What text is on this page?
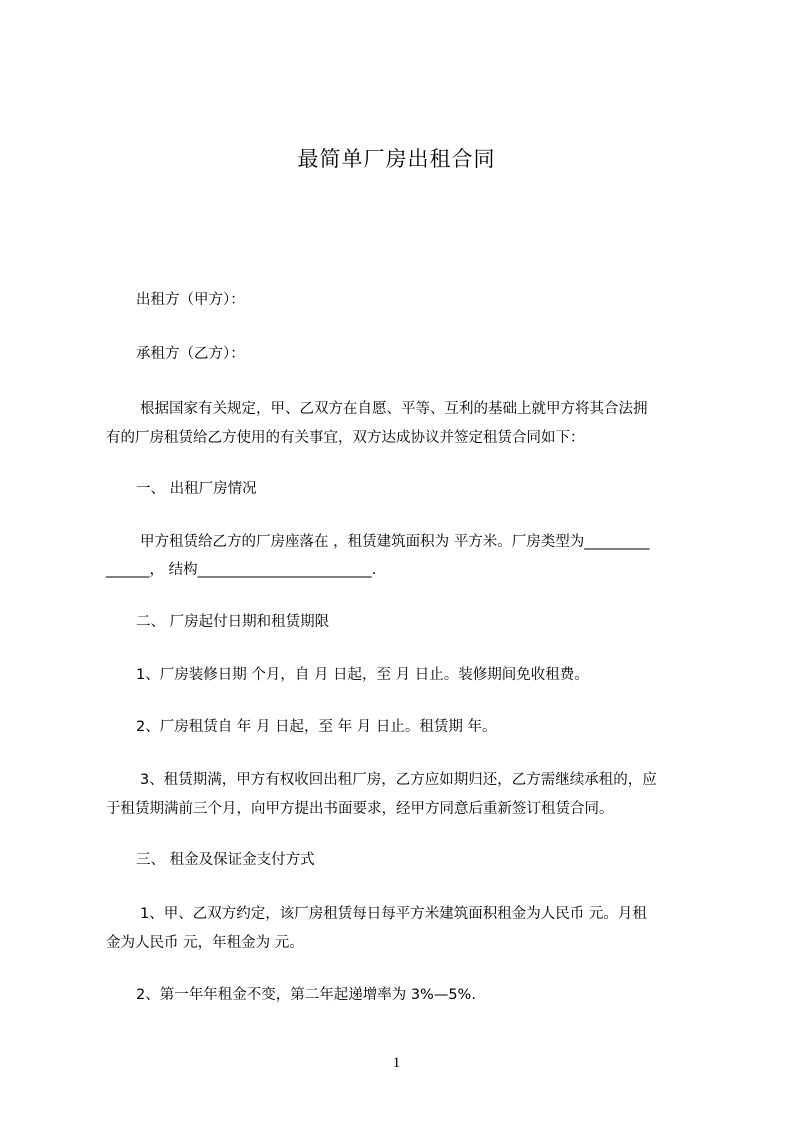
最简单厂房出租合同
出租方（甲方）：
承租方（乙方）：
根据国家有关规定，甲、乙双方在自愿、平等、互利的基础上就甲方将其合法拥
有的厂房租赁给乙方使用的有关事宜，双方达成协议并签定租赁合同如下：
一、 出租厂房情况
甲方租赁给乙方的厂房座落在 ，租赁建筑面积为 平方米。厂房类型为_________
______， 结构________________________.
二、 厂房起付日期和租赁期限
1、厂房装修日期 个月，自 月 日起，至 月 日止。装修期间免收租费。
2、厂房租赁自 年 月 日起，至 年 月 日止。租赁期 年。
3、租赁期满，甲方有权收回出租厂房，乙方应如期归还，乙方需继续承租的，应
于租赁期满前三个月，向甲方提出书面要求，经甲方同意后重新签订租赁合同。
三、 租金及保证金支付方式
1、甲、乙双方约定，该厂房租赁每日每平方米建筑面积租金为人民币 元。月租
金为人民币 元，年租金为 元。
2、第一年年租金不变，第二年起递增率为 3%—5%.
1
